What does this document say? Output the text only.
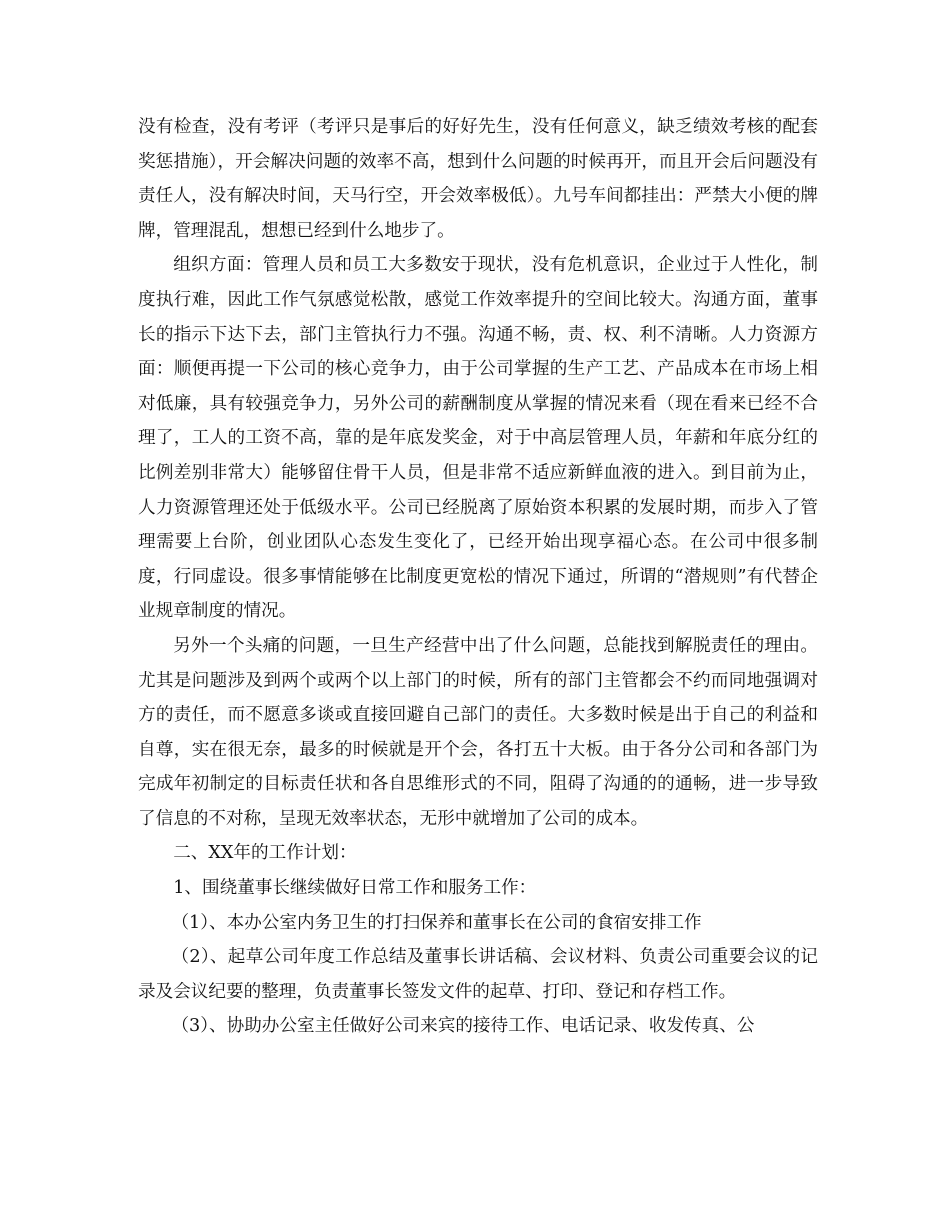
没有检查，没有考评（考评只是事后的好好先生，没有任何意义，缺乏绩效考核的配套奖惩措施），开会解决问题的效率不高，想到什么问题的时候再开，而且开会后问题没有责任人，没有解决时间，天马行空，开会效率极低）。九号车间都挂出：严禁大小便的牌牌，管理混乱，想想已经到什么地步了。

组织方面：管理人员和员工大多数安于现状，没有危机意识，企业过于人性化，制度执行难，因此工作气氛感觉松散，感觉工作效率提升的空间比较大。沟通方面，董事长的指示下达下去，部门主管执行力不强。沟通不畅，责、权、利不清晰。人力资源方面：顺便再提一下公司的核心竞争力，由于公司掌握的生产工艺、产品成本在市场上相对低廉，具有较强竞争力，另外公司的薪酬制度从掌握的情况来看（现在看来已经不合理了，工人的工资不高，靠的是年底发奖金，对于中高层管理人员，年薪和年底分红的比例差别非常大）能够留住骨干人员，但是非常不适应新鲜血液的进入。到目前为止，人力资源管理还处于低级水平。公司已经脱离了原始资本积累的发展时期，而步入了管理需要上台阶，创业团队心态发生变化了，已经开始出现享福心态。在公司中很多制度，行同虚设。很多事情能够在比制度更宽松的情况下通过，所谓的“潜规则”有代替企业规章制度的情况。

另外一个头痛的问题，一旦生产经营中出了什么问题，总能找到解脱责任的理由。尤其是问题涉及到两个或两个以上部门的时候，所有的部门主管都会不约而同地强调对方的责任，而不愿意多谈或直接回避自己部门的责任。大多数时候是出于自己的利益和自尊，实在很无奈，最多的时候就是开个会，各打五十大板。由于各分公司和各部门为完成年初制定的目标责任状和各自思维形式的不同，阻碍了沟通的的通畅，进一步导致了信息的不对称，呈现无效率状态，无形中就增加了公司的成本。

二、XX年的工作计划：

1、围绕董事长继续做好日常工作和服务工作：

（1）、本办公室内务卫生的打扫保养和董事长在公司的食宿安排工作

（2）、起草公司年度工作总结及董事长讲话稿、会议材料、负责公司重要会议的记录及会议纪要的整理，负责董事长签发文件的起草、打印、登记和存档工作。

（3）、协助办公室主任做好公司来宾的接待工作、电话记录、收发传真、公
